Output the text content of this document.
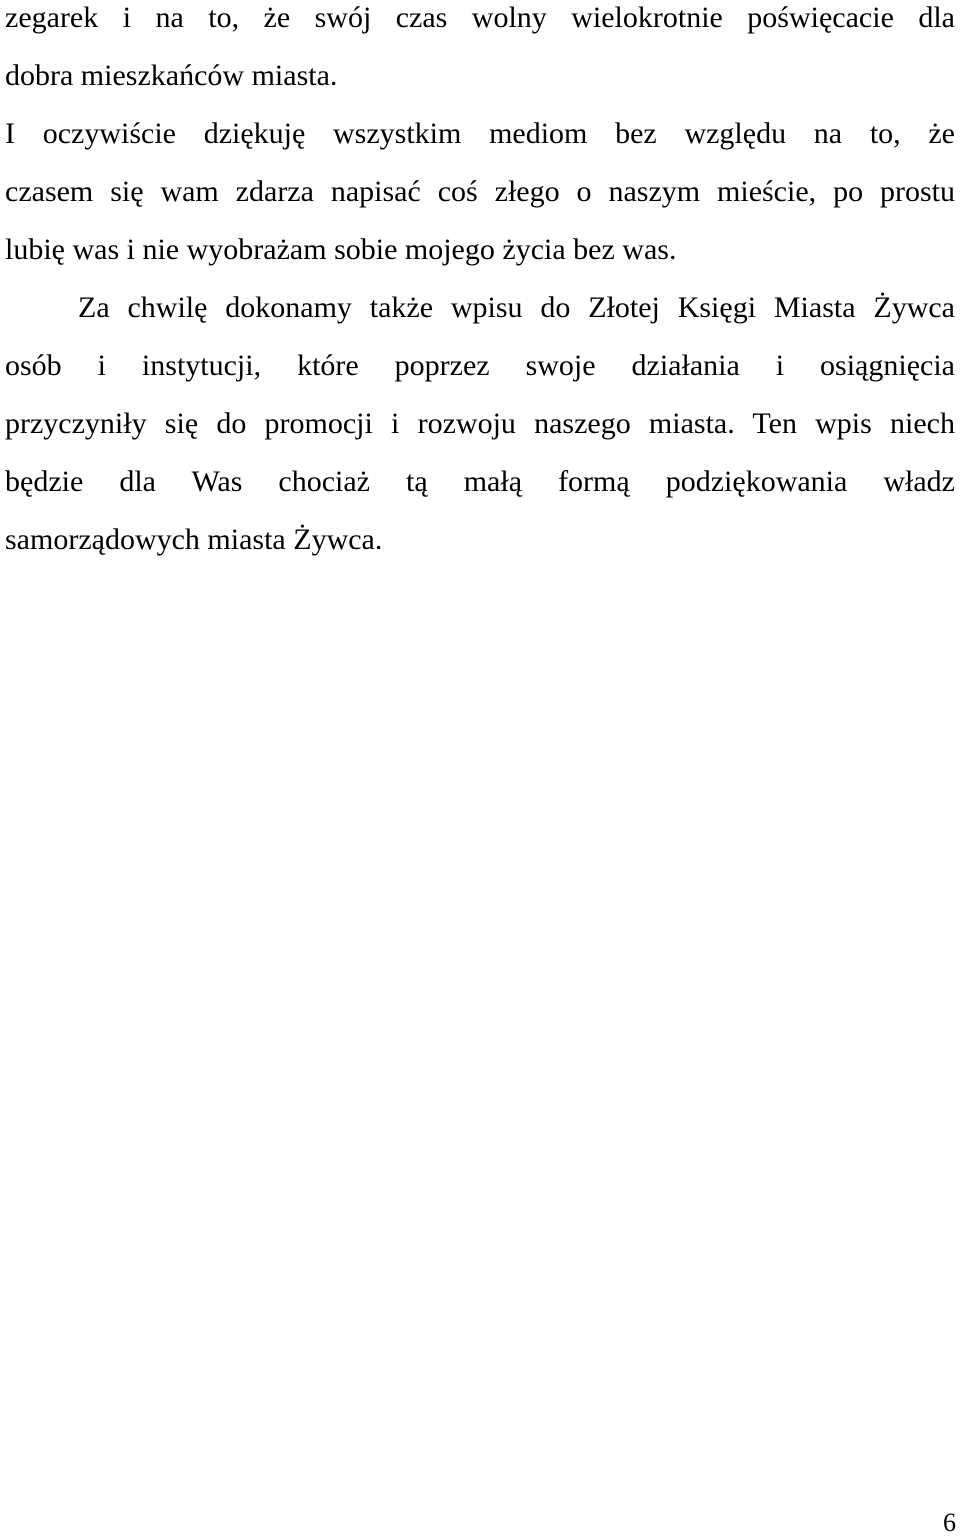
zegarek i na to, że swój czas wolny wielokrotnie poświęcacie dla
dobra mieszkańców miasta.
I oczywiście dziękuję wszystkim mediom bez względu na to, że
czasem się wam zdarza napisać coś złego o naszym mieście, po prostu
lubię was i nie wyobrażam sobie mojego życia bez was.
Za chwilę dokonamy także wpisu do Złotej Księgi Miasta Żywca
osób i instytucji, które poprzez swoje działania i osiągnięcia
przyczyniły się do promocji i rozwoju naszego miasta. Ten wpis niech
będzie dla Was chociaż tą małą formą podziękowania władz
samorządowych miasta Żywca.
6
